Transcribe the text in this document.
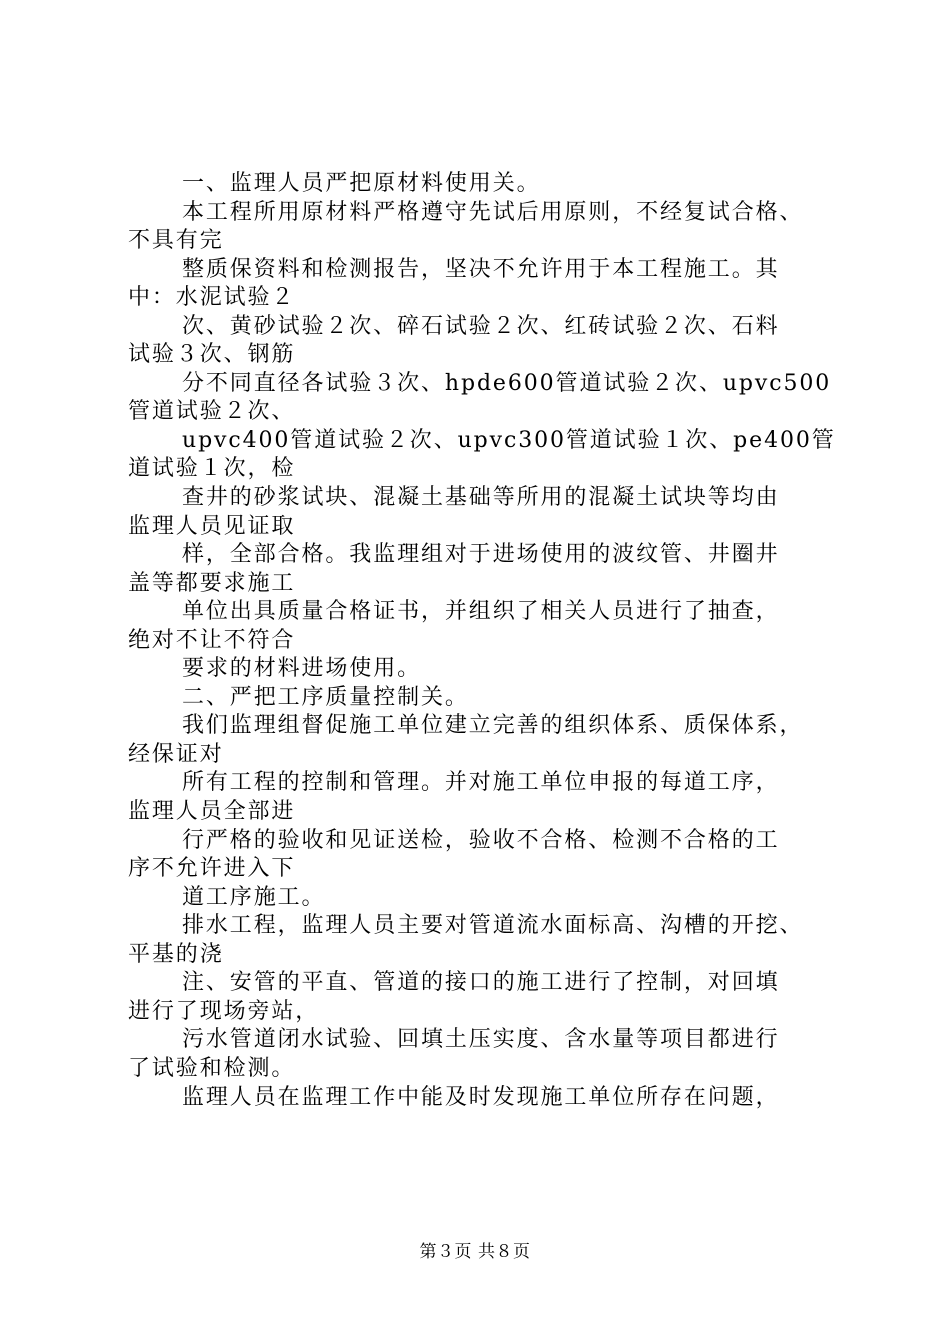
一、监理人员严把原材料使用关。
本工程所用原材料严格遵守先试后用原则，不经复试合格、
不具有完
整质保资料和检测报告，坚决不允许用于本工程施工。其
中：水泥试验２
次、黄砂试验２次、碎石试验２次、红砖试验２次、石料
试验３次、钢筋
分不同直径各试验３次、hpde600管道试验２次、upvc500
管道试验２次、
upvc400管道试验２次、upvc300管道试验１次、pe400管
道试验１次，检
查井的砂浆试块、混凝土基础等所用的混凝土试块等均由
监理人员见证取
样，全部合格。我监理组对于进场使用的波纹管、井圈井
盖等都要求施工
单位出具质量合格证书，并组织了相关人员进行了抽查，
绝对不让不符合
要求的材料进场使用。
二、严把工序质量控制关。
我们监理组督促施工单位建立完善的组织体系、质保体系，
经保证对
所有工程的控制和管理。并对施工单位申报的每道工序，
监理人员全部进
行严格的验收和见证送检，验收不合格、检测不合格的工
序不允许进入下
道工序施工。
排水工程，监理人员主要对管道流水面标高、沟槽的开挖、
平基的浇
注、安管的平直、管道的接口的施工进行了控制，对回填
进行了现场旁站，
污水管道闭水试验、回填土压实度、含水量等项目都进行
了试验和检测。
监理人员在监理工作中能及时发现施工单位所存在问题，
第３页 共８页
